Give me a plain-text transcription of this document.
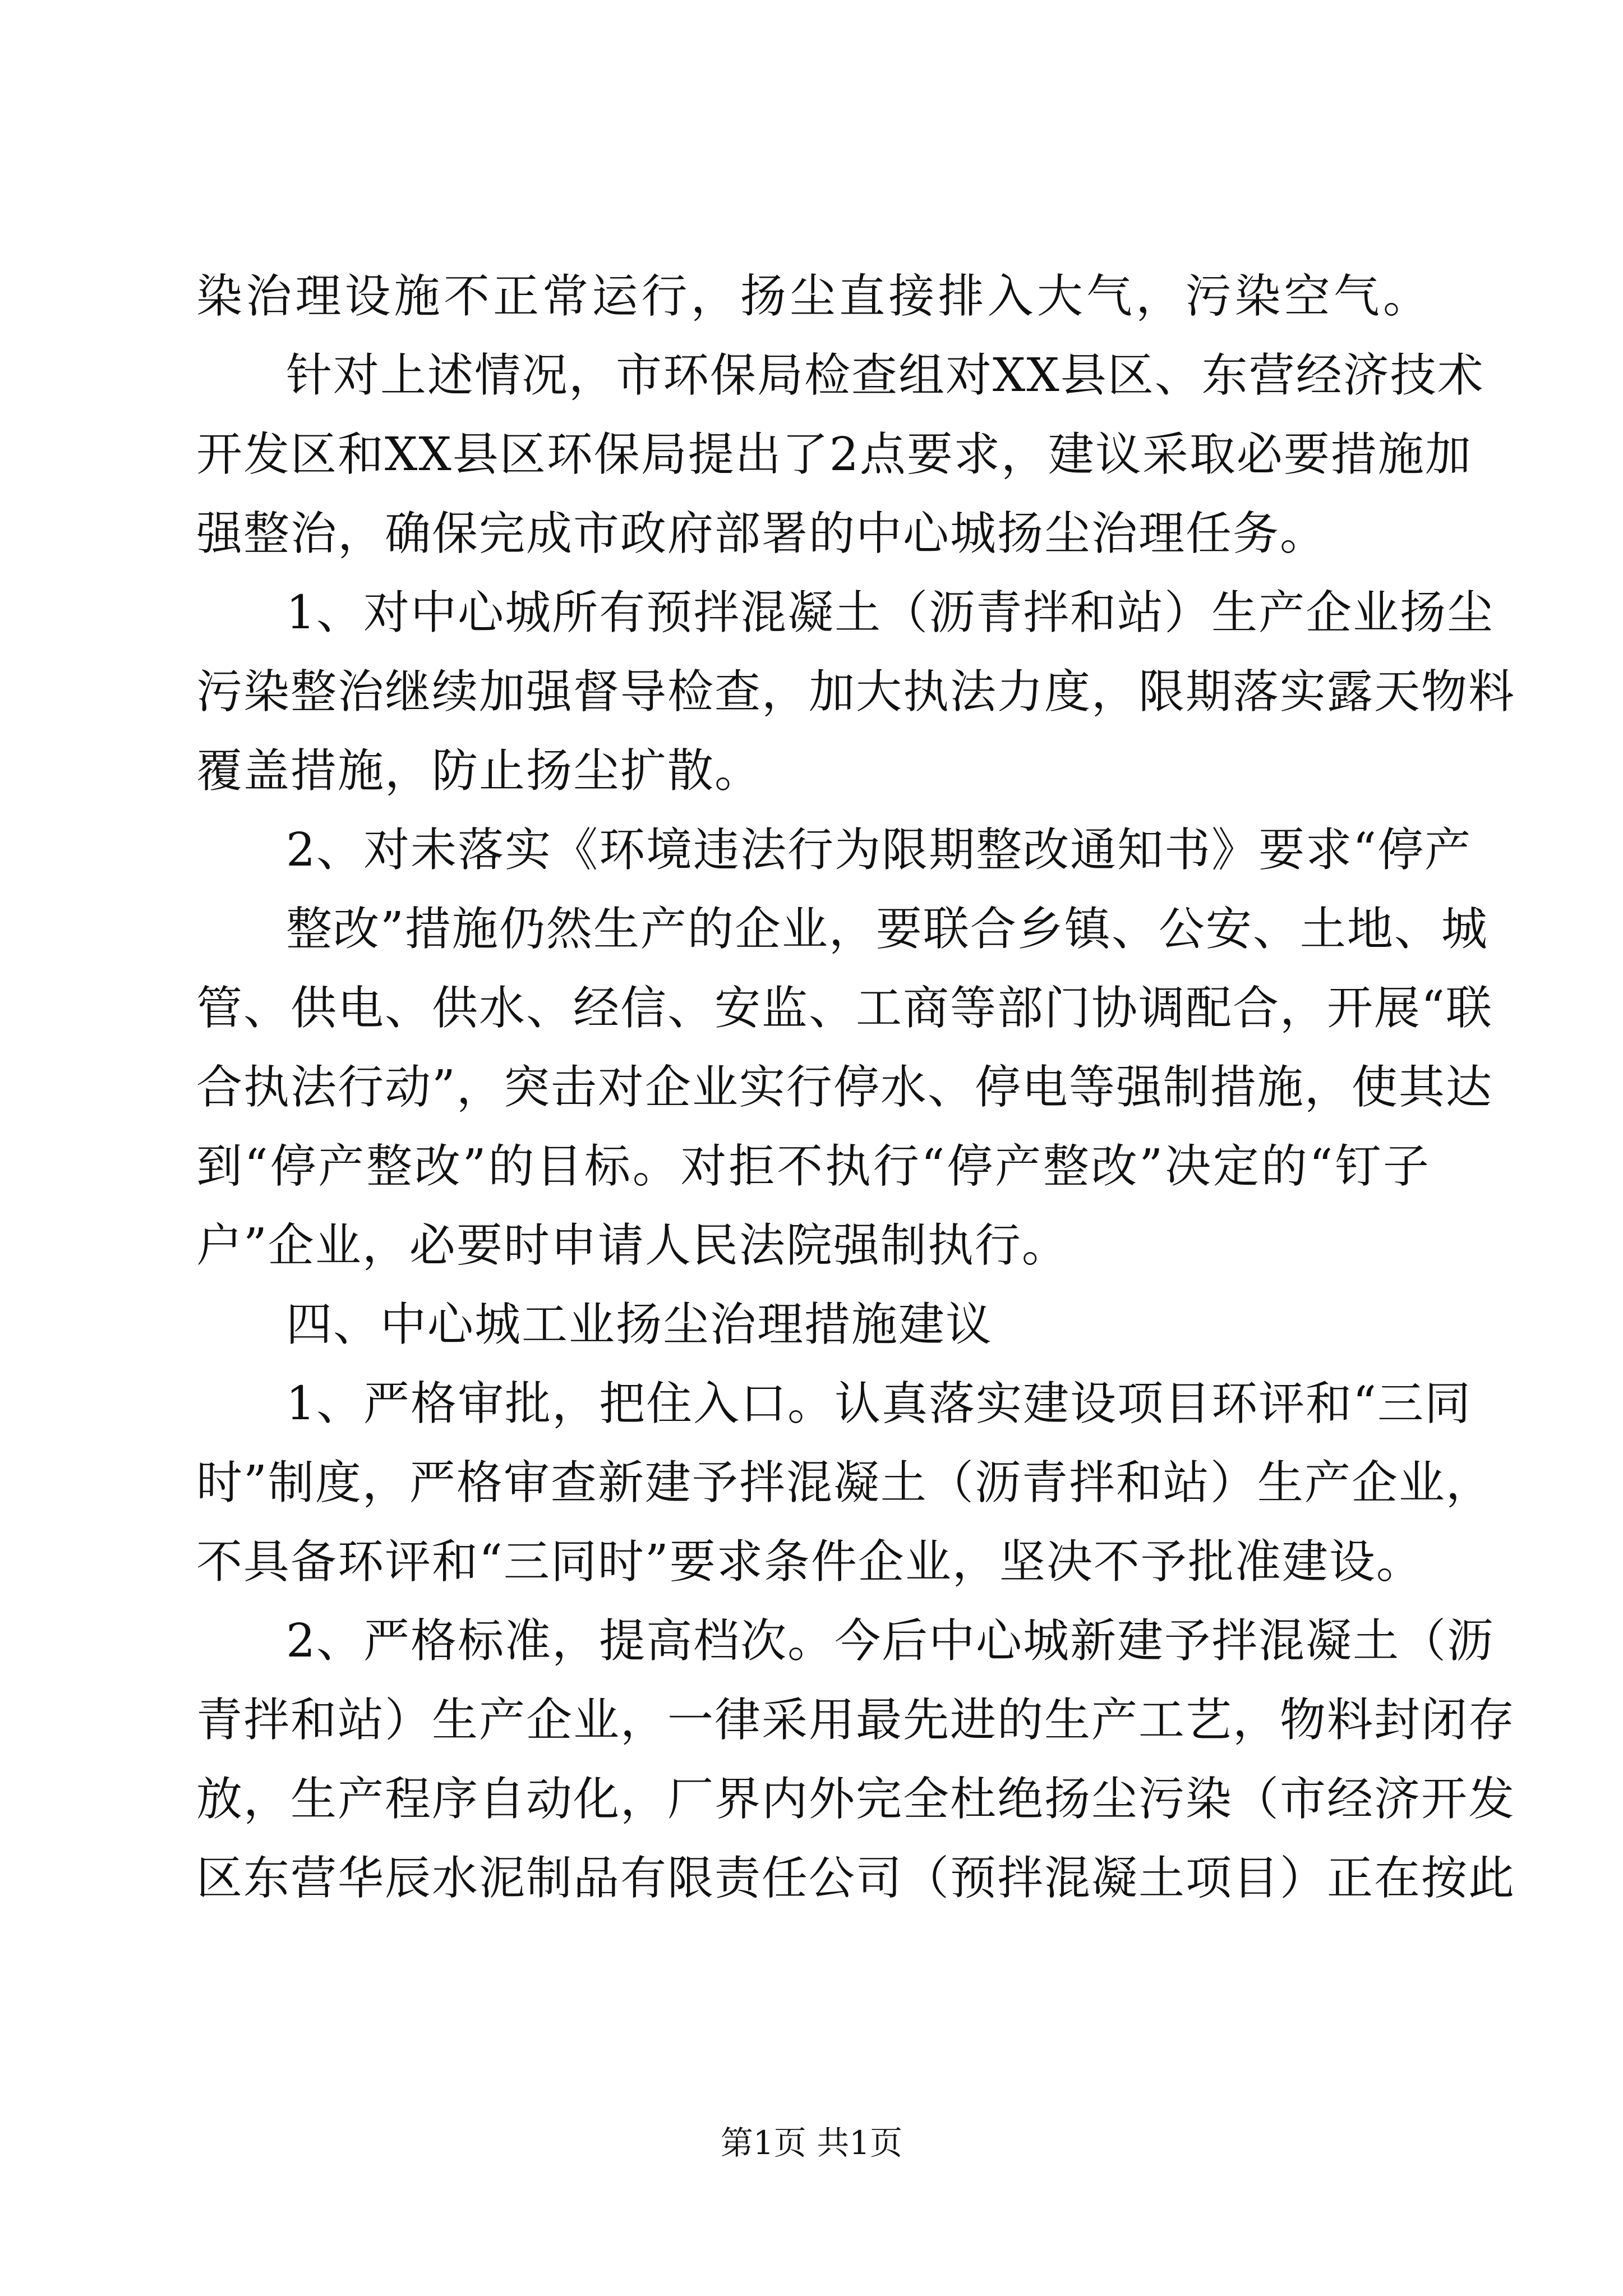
染治理设施不正常运行，扬尘直接排入大气，污染空气。
针对上述情况，市环保局检查组对XX县区、东营经济技术
开发区和XX县区环保局提出了2点要求，建议采取必要措施加
强整治，确保完成市政府部署的中心城扬尘治理任务。
1、对中心城所有预拌混凝土（沥青拌和站）生产企业扬尘
污染整治继续加强督导检查，加大执法力度，限期落实露天物料
覆盖措施，防止扬尘扩散。
2、对未落实《环境违法行为限期整改通知书》要求“停产
整改”措施仍然生产的企业，要联合乡镇、公安、土地、城
管、供电、供水、经信、安监、工商等部门协调配合，开展“联
合执法行动”，突击对企业实行停水、停电等强制措施，使其达
到“停产整改”的目标。对拒不执行“停产整改”决定的“钉子
户”企业，必要时申请人民法院强制执行。
四、中心城工业扬尘治理措施建议
1、严格审批，把住入口。认真落实建设项目环评和“三同
时”制度，严格审查新建予拌混凝土（沥青拌和站）生产企业，
不具备环评和“三同时”要求条件企业，坚决不予批准建设。
2、严格标准，提高档次。今后中心城新建予拌混凝土（沥
青拌和站）生产企业，一律采用最先进的生产工艺，物料封闭存
放，生产程序自动化，厂界内外完全杜绝扬尘污染（市经济开发
区东营华辰水泥制品有限责任公司（预拌混凝土项目）正在按此
第1页 共1页
